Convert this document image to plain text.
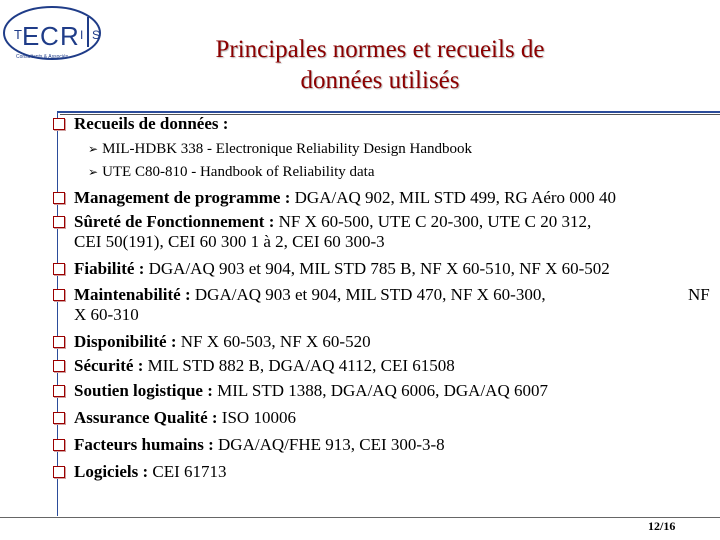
T E C R I S
Consultants & Associés	Principales normes et recueils de
données utilisés
Recueils de données :
➢ MIL-HDBK 338 - Electronique Reliability Design Handbook
➢ UTE C80-810 - Handbook of Reliability data
Management de programme : DGA/AQ 902, MIL STD 499, RG Aéro 000 40
Sûreté de Fonctionnement : NF X 60-500, UTE C 20-300, UTE C 20 312,
CEI 50(191), CEI 60 300 1 à 2, CEI 60 300-3
Fiabilité : DGA/AQ 903 et 904, MIL STD 785 B, NF X 60-510, NF X 60-502
Maintenabilité : DGA/AQ 903 et 904, MIL STD 470, NF X 60-300,
X 60-310
NF
Disponibilité : NF X 60-503, NF X 60-520
Sécurité : MIL STD 882 B, DGA/AQ 4112, CEI 61508
Soutien logistique : MIL STD 1388, DGA/AQ 6006, DGA/AQ 6007
Assurance Qualité : ISO 10006
Facteurs humains : DGA/AQ/FHE 913, CEI 300-3-8
Logiciels : CEI 61713
12/16
